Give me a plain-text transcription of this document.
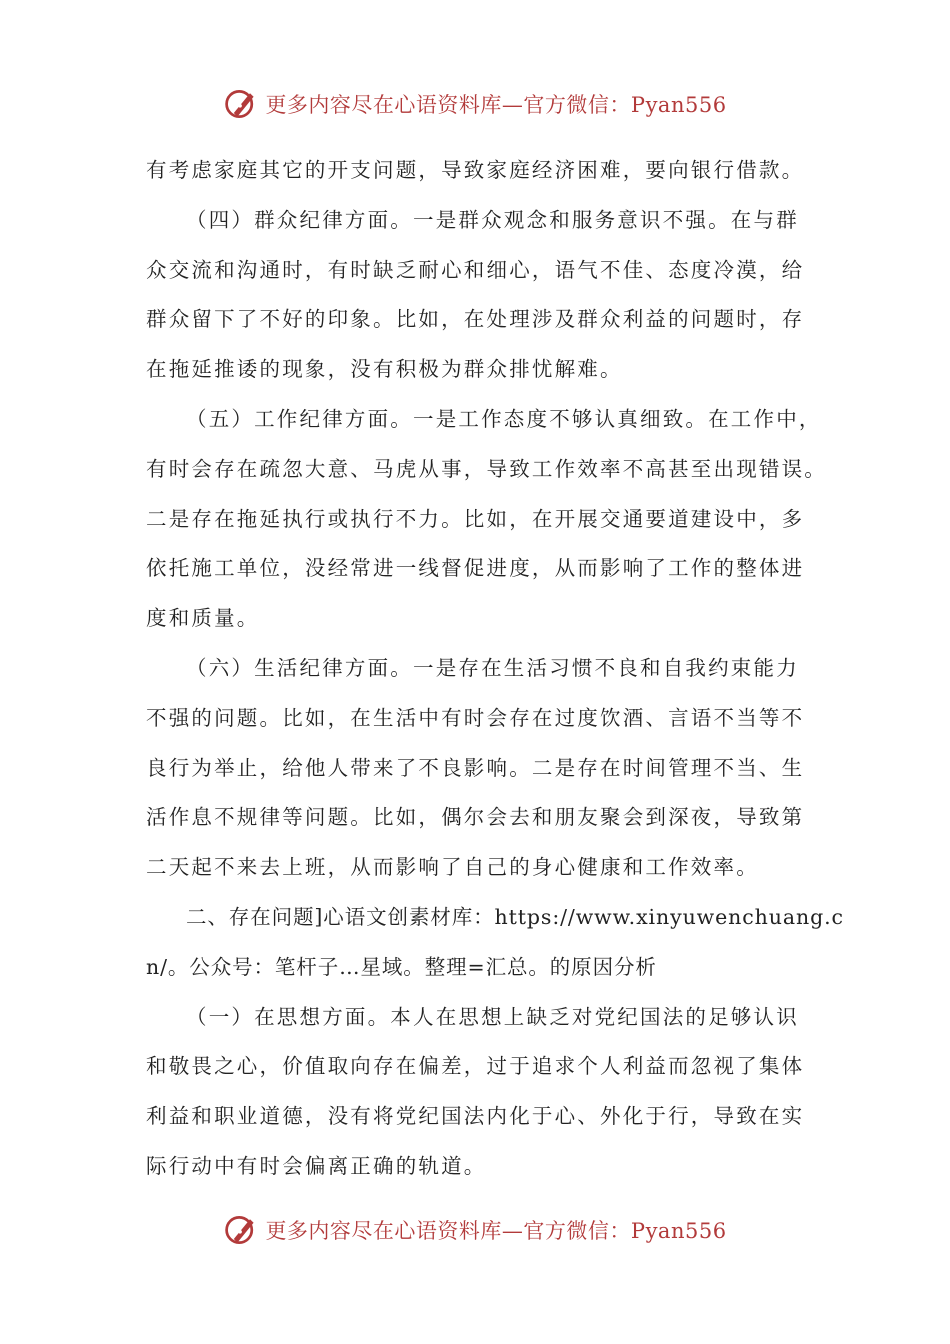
更多内容尽在心语资料库—官方微信：Pyan556
有考虑家庭其它的开支问题，导致家庭经济困难，要向银行借款。
（四）群众纪律方面。一是群众观念和服务意识不强。在与群
众交流和沟通时，有时缺乏耐心和细心，语气不佳、态度冷漠，给
群众留下了不好的印象。比如，在处理涉及群众利益的问题时，存
在拖延推诿的现象，没有积极为群众排忧解难。
（五）工作纪律方面。一是工作态度不够认真细致。在工作中，
有时会存在疏忽大意、马虎从事，导致工作效率不高甚至出现错误。
二是存在拖延执行或执行不力。比如，在开展交通要道建设中，多
依托施工单位，没经常进一线督促进度，从而影响了工作的整体进
度和质量。
（六）生活纪律方面。一是存在生活习惯不良和自我约束能力
不强的问题。比如，在生活中有时会存在过度饮酒、言语不当等不
良行为举止，给他人带来了不良影响。二是存在时间管理不当、生
活作息不规律等问题。比如，偶尔会去和朋友聚会到深夜，导致第
二天起不来去上班，从而影响了自己的身心健康和工作效率。
二、存在问题]心语文创素材库：https://www.xinyuwenchuang.c
n/。公众号：笔杆子…星域。整理=汇总。的原因分析
（一）在思想方面。本人在思想上缺乏对党纪国法的足够认识
和敬畏之心，价值取向存在偏差，过于追求个人利益而忽视了集体
利益和职业道德，没有将党纪国法内化于心、外化于行，导致在实
际行动中有时会偏离正确的轨道。
更多内容尽在心语资料库—官方微信：Pyan556
